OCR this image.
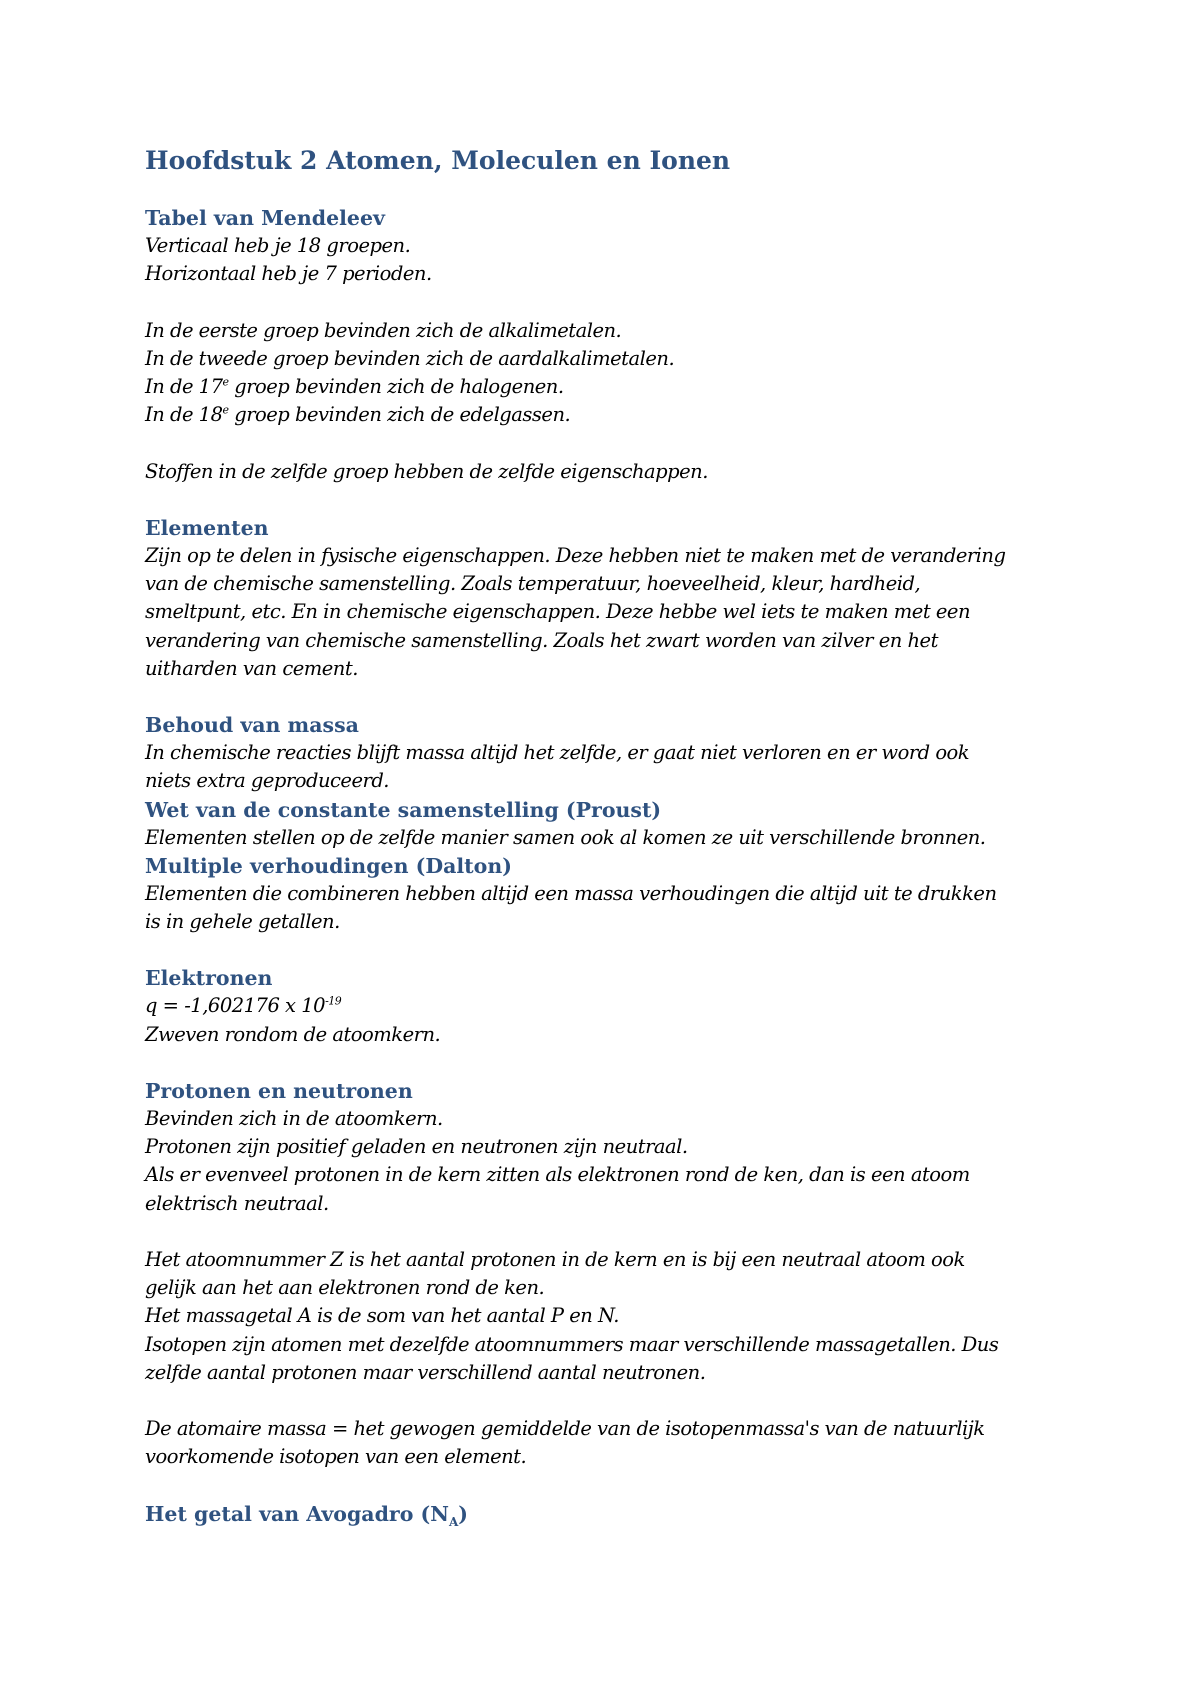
Hoofdstuk 2 Atomen, Moleculen en Ionen
Tabel van Mendeleev

Verticaal heb je 18 groepen.

Horizontaal heb je 7 perioden.

In de eerste groep bevinden zich de alkalimetalen.

In de tweede groep bevinden zich de aardalkalimetalen.

In de 17e groep bevinden zich de halogenen.

In de 18e groep bevinden zich de edelgassen.

Stoffen in de zelfde groep hebben de zelfde eigenschappen.

Elementen

Zijn op te delen in fysische eigenschappen. Deze hebben niet te maken met de verandering

van de chemische samenstelling. Zoals temperatuur, hoeveelheid, kleur, hardheid,

smeltpunt, etc. En in chemische eigenschappen. Deze hebbe wel iets te maken met een

verandering van chemische samenstelling. Zoals het zwart worden van zilver en het

uitharden van cement.

Behoud van massa

In chemische reacties blijft massa altijd het zelfde, er gaat niet verloren en er word ook

niets extra geproduceerd.

Wet van de constante samenstelling (Proust)

Elementen stellen op de zelfde manier samen ook al komen ze uit verschillende bronnen.

Multiple verhoudingen (Dalton)

Elementen die combineren hebben altijd een massa verhoudingen die altijd uit te drukken

is in gehele getallen.

Elektronen

q = -1,602176 x $10^{-19}$

Zweven rondom de atoomkern.

Protonen en neutronen

Bevinden zich in de atoomkern.

Protonen zijn positief geladen en neutronen zijn neutraal.

Als er evenveel protonen in de kern zitten als elektronen rond de ken, dan is een atoom

elektrisch neutraal.

Het atoomnummer Z is het aantal protonen in de kern en is bij een neutraal atoom ook

gelijk aan het aan elektronen rond de ken.

Het massagetal A is de som van het aantal P en N.

Isotopen zijn atomen met dezelfde atoomnummers maar verschillende massagetallen. Dus

zelfde aantal protonen maar verschillend aantal neutronen.

De atomaire massa = het gewogen gemiddelde van de isotopenmassa's van de natuurlijk

voorkomende isotopen van een element.

Het getal van Avogadro $(N_A)$
